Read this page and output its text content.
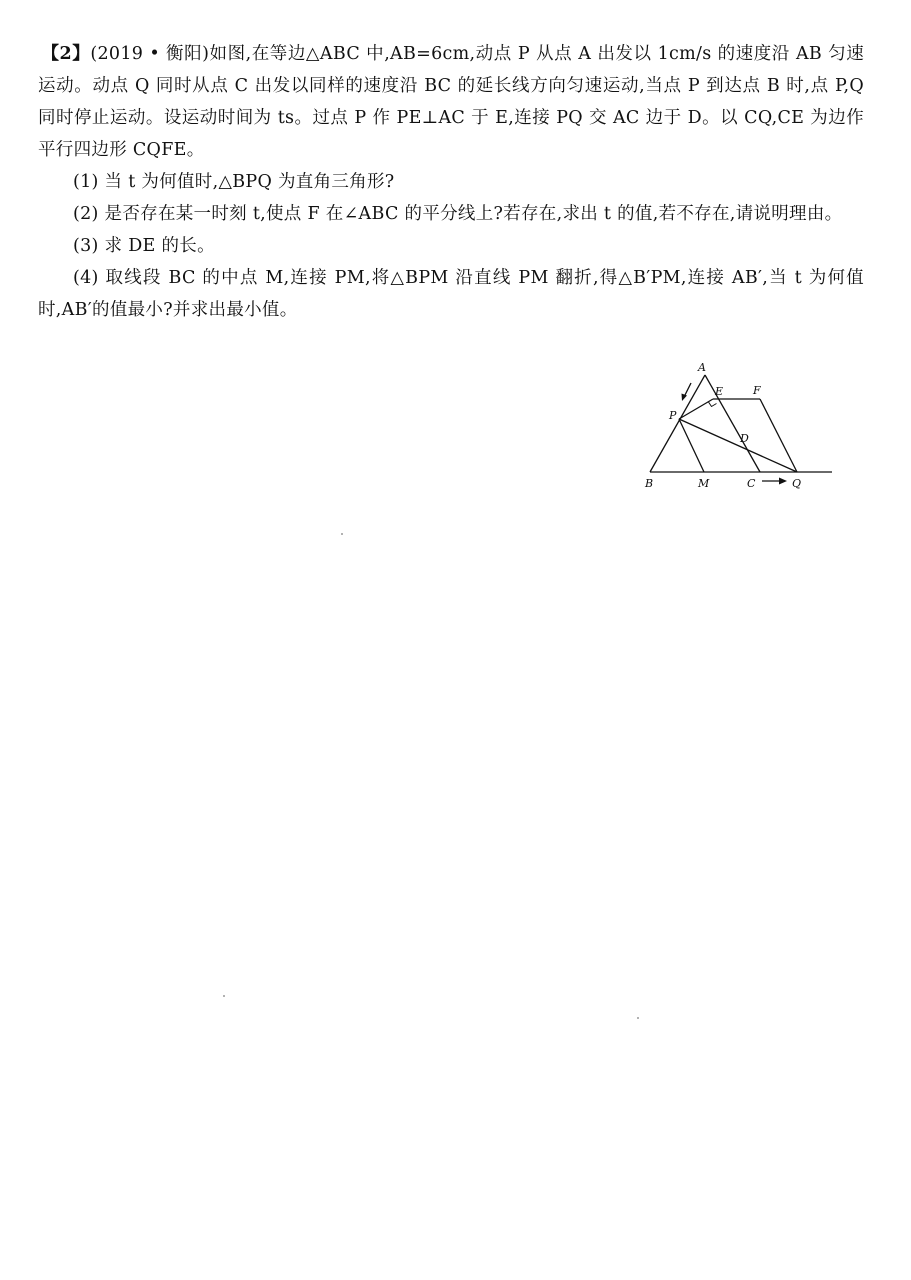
【2】(2019 • 衡阳)如图,在等边△ABC 中,AB=6cm,动点 P 从点 A 出发以 1cm/s 的速度沿 AB 匀速运动。动点 Q 同时从点 C 出发以同样的速度沿 BC 的延长线方向匀速运动,当点 P 到达点 B 时,点 P,Q 同时停止运动。设运动时间为 ts。过点 P 作 PE⊥AC 于 E,连接 PQ 交 AC 边于 D。以 CQ,CE 为边作平行四边形 CQFE。

(1) 当 t 为何值时,△BPQ 为直角三角形?

(2) 是否存在某一时刻 t,使点 F 在∠ABC 的平分线上?若存在,求出 t 的值,若不存在,请说明理由。

(3) 求 DE 的长。

(4) 取线段 BC 的中点 M,连接 PM,将△BPM 沿直线 PM 翻折,得△B′PM,连接 AB′,当 t 为何值时,AB′的值最小?并求出最小值。

A
E	F
P
D
B	M	C	Q
